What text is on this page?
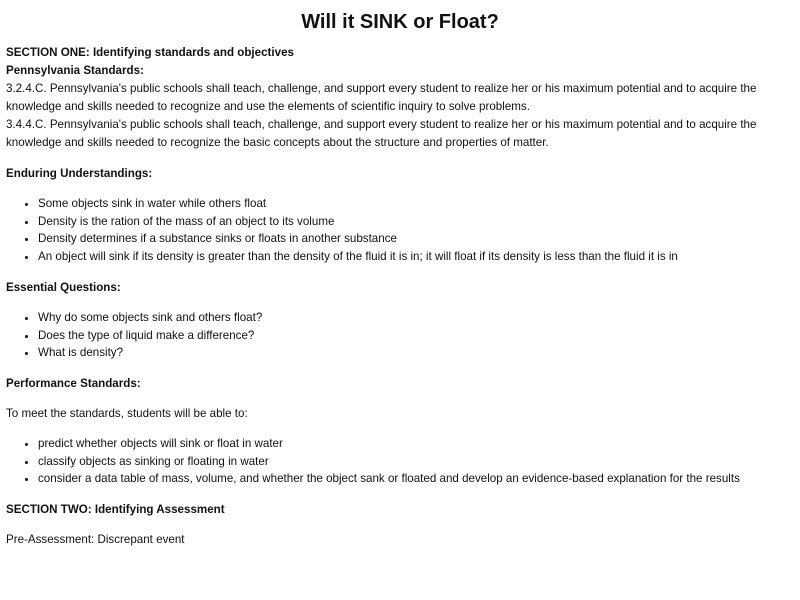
Will it SINK or Float?

SECTION ONE: Identifying standards and objectives

Pennsylvania Standards:

3.2.4.C. Pennsylvania's public schools shall teach, challenge, and support every student to realize her or his maximum potential and to acquire the knowledge and skills needed to recognize and use the elements of scientific inquiry to solve problems.

3.4.4.C. Pennsylvania's public schools shall teach, challenge, and support every student to realize her or his maximum potential and to acquire the knowledge and skills needed to recognize the basic concepts about the structure and properties of matter.

Enduring Understandings:

• Some objects sink in water while others float
• Density is the ration of the mass of an object to its volume
• Density determines if a substance sinks or floats in another substance
• An object will sink if its density is greater than the density of the fluid it is in; it will float if its density is less than the fluid it is in

Essential Questions:

• Why do some objects sink and others float?
• Does the type of liquid make a difference?
• What is density?

Performance Standards:

To meet the standards, students will be able to:

• predict whether objects will sink or float in water
• classify objects as sinking or floating in water
• consider a data table of mass, volume, and whether the object sank or floated and develop an evidence-based explanation for the results

SECTION TWO: Identifying Assessment

Pre-Assessment: Discrepant event
